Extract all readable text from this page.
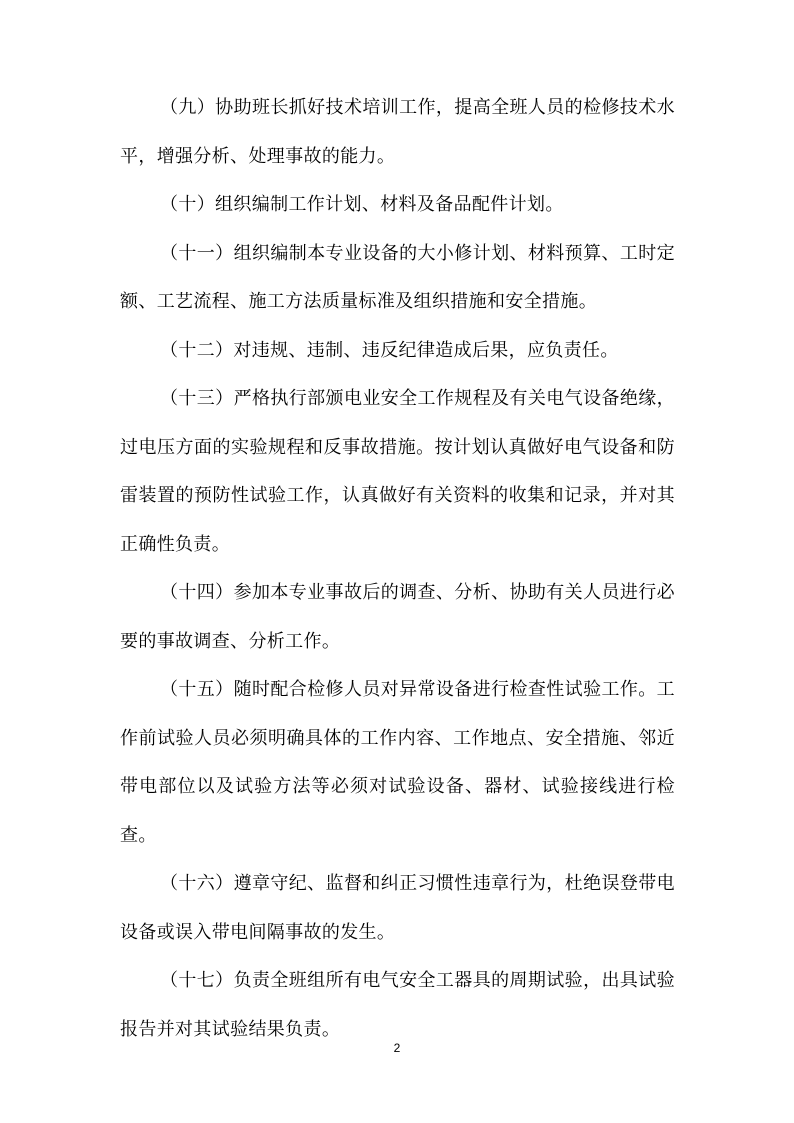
（九）协助班长抓好技术培训工作，提高全班人员的检修技术水平，增强分析、处理事故的能力。

（十）组织编制工作计划、材料及备品配件计划。

（十一）组织编制本专业设备的大小修计划、材料预算、工时定额、工艺流程、施工方法质量标准及组织措施和安全措施。

（十二）对违规、违制、违反纪律造成后果，应负责任。

（十三）严格执行部颁电业安全工作规程及有关电气设备绝缘，过电压方面的实验规程和反事故措施。按计划认真做好电气设备和防雷装置的预防性试验工作，认真做好有关资料的收集和记录，并对其正确性负责。

（十四）参加本专业事故后的调查、分析、协助有关人员进行必要的事故调查、分析工作。

（十五）随时配合检修人员对异常设备进行检查性试验工作。工作前试验人员必须明确具体的工作内容、工作地点、安全措施、邻近带电部位以及试验方法等必须对试验设备、器材、试验接线进行检查。

（十六）遵章守纪、监督和纠正习惯性违章行为，杜绝误登带电设备或误入带电间隔事故的发生。

（十七）负责全班组所有电气安全工器具的周期试验，出具试验报告并对其试验结果负责。

2
